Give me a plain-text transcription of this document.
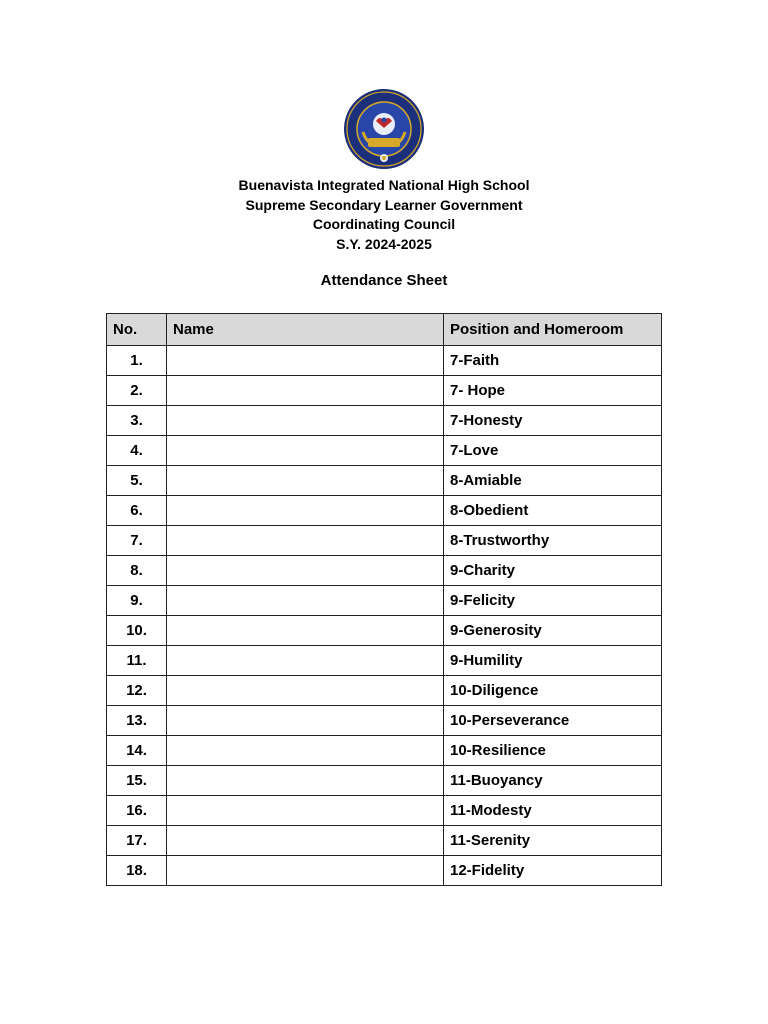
Buenavista Integrated National High School
Supreme Secondary Learner Government
Coordinating Council
S.Y. 2024-2025
Attendance Sheet
No.	Name	Position and Homeroom
1.		7-Faith
2.		7- Hope
3.		7-Honesty
4.		7-Love
5.		8-Amiable
6.		8-Obedient
7.		8-Trustworthy
8.		9-Charity
9.		9-Felicity
10.		9-Generosity
11.		9-Humility
12.		10-Diligence
13.		10-Perseverance
14.		10-Resilience
15.		11-Buoyancy
16.		11-Modesty
17.		11-Serenity
18.		12-Fidelity
